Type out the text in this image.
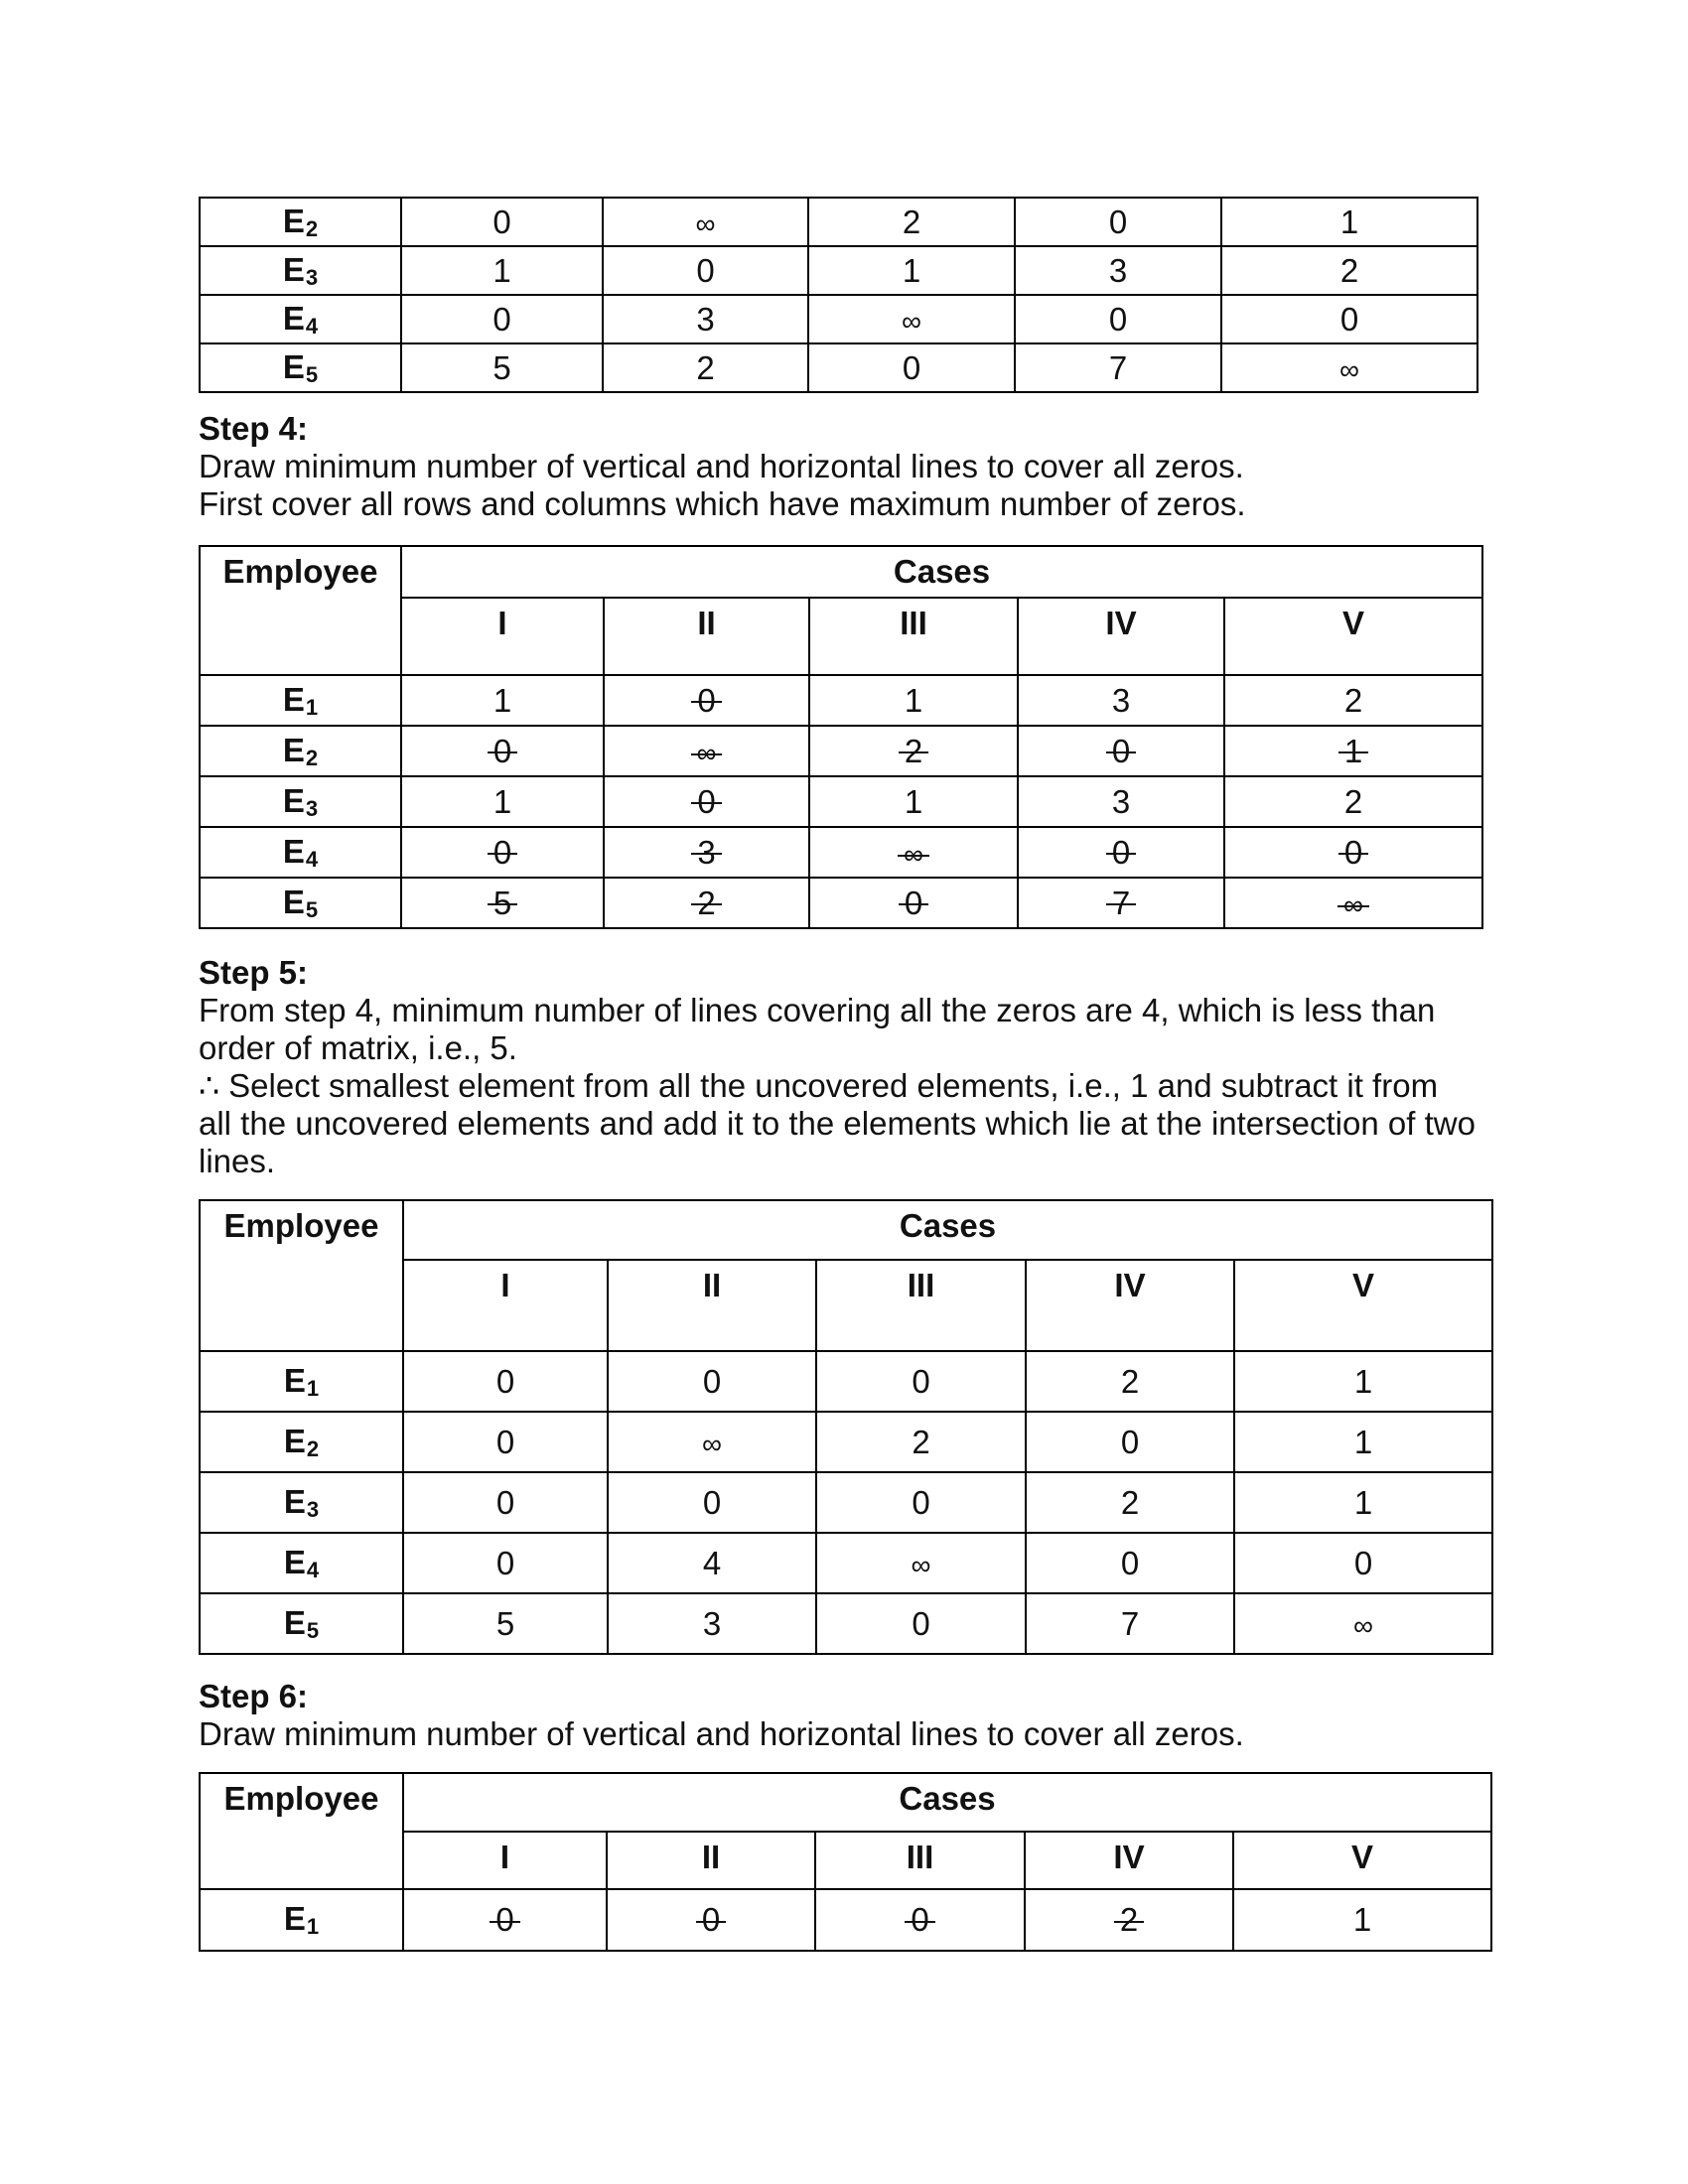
$E_2$	0	∞	2	0	1
$E_3$	1	0	1	3	2
$E_4$	0	3	∞	0	0
$E_5$	5	2	0	7	∞

Step 4:

Draw minimum number of vertical and horizontal lines to cover all zeros.

First cover all rows and columns which have maximum number of zeros.

Employee	Cases				
	I	II	III	IV	V
$E_1$	1	0	1	3	2
$E_2$	0	∞	2	0	1
$E_3$	1	0	1	3	2
$E_4$	0	3	∞	0	0
$E_5$	5	2	0	7	∞

Step 5:

From step 4, minimum number of lines covering all the zeros are 4, which is less than

order of matrix, i.e., 5.

∴ Select smallest element from all the uncovered elements, i.e., 1 and subtract it from

all the uncovered elements and add it to the elements which lie at the intersection of two

lines.

Employee	Cases				
	I	II	III	IV	V
$E_1$	0	0	0	2	1
$E_2$	0	∞	2	0	1
$E_3$	0	0	0	2	1
$E_4$	0	4	∞	0	0
$E_5$	5	3	0	7	∞

Step 6:

Draw minimum number of vertical and horizontal lines to cover all zeros.

Employee	Cases				
	I	II	III	IV	V
$E_1$	0	0	0	2	1
